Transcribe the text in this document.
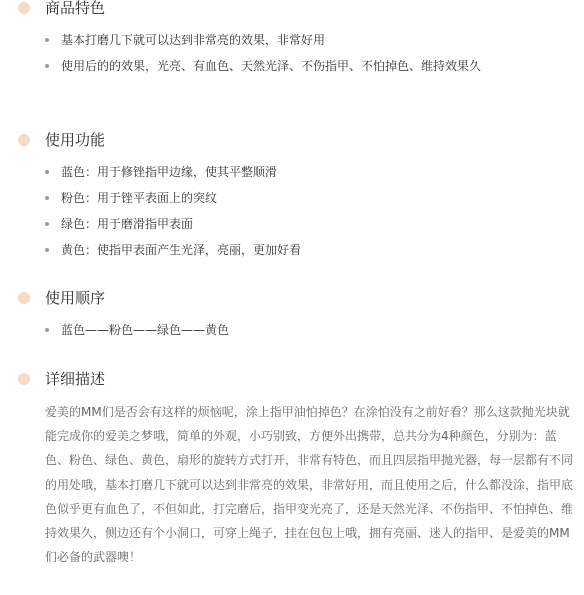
商品特色
基本打磨几下就可以达到非常亮的效果，非常好用
使用后的的效果，光亮、有血色、天然光泽、不伤指甲、不怕掉色、维持效果久
使用功能
蓝色：用于修锉指甲边缘，使其平整顺滑
粉色：用于锉平表面上的突纹
绿色：用于磨滑指甲表面
黄色：使指甲表面产生光泽，亮丽，更加好看
使用顺序
蓝色——粉色——绿色——黄色
详细描述
爱美的MM们是否会有这样的烦恼呢，涂上指甲油怕掉色？在涂怕没有之前好看？那么这款抛光块就能完成你的爱美之梦哦，简单的外观，小巧别致，方便外出携带，总共分为4种颜色，分别为：蓝色、粉色、绿色、黄色，扇形的旋转方式打开，非常有特色，而且四层指甲抛光器，每一层都有不同的用处哦，基本打磨几下就可以达到非常亮的效果，非常好用，而且使用之后，什么都没涂，指甲底色似乎更有血色了，不但如此，打完磨后，指甲变光亮了，还是天然光泽、不伤指甲、不怕掉色、维持效果久，侧边还有个小洞口，可穿上绳子，挂在包包上哦，拥有亮丽、迷人的指甲、是爱美的MM们必备的武器噢！
